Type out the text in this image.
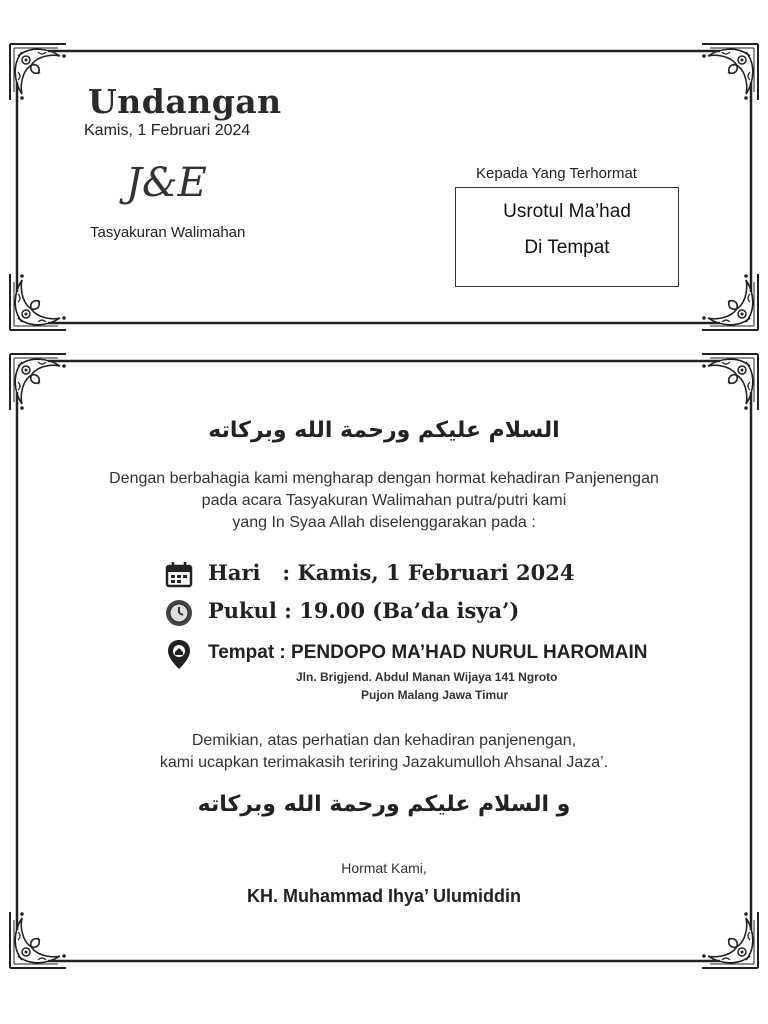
Undangan
Kamis, 1 Februari 2024
J&E
Tasyakuran Walimahan
Kepada Yang Terhormat
Usrotul Ma’had
Di Tempat
السلام عليكم ورحمة الله وبركاته
Dengan berbahagia kami mengharap dengan hormat kehadiran Panjenengan
pada acara Tasyakuran Walimahan putra/putri kami
yang In Syaa Allah diselenggarakan pada :
Hari   : Kamis, 1 Februari 2024
Pukul : 19.00 (Ba’da isya’)
Tempat : PENDOPO MA’HAD NURUL HAROMAIN
Jln. Brigjend. Abdul Manan Wijaya 141 Ngroto
Pujon Malang Jawa Timur
Demikian, atas perhatian dan kehadiran panjenengan,
kami ucapkan terimakasih teriring Jazakumulloh Ahsanal Jaza’.
و السلام عليكم ورحمة الله وبركاته
Hormat Kami,
KH. Muhammad Ihya’ Ulumiddin
